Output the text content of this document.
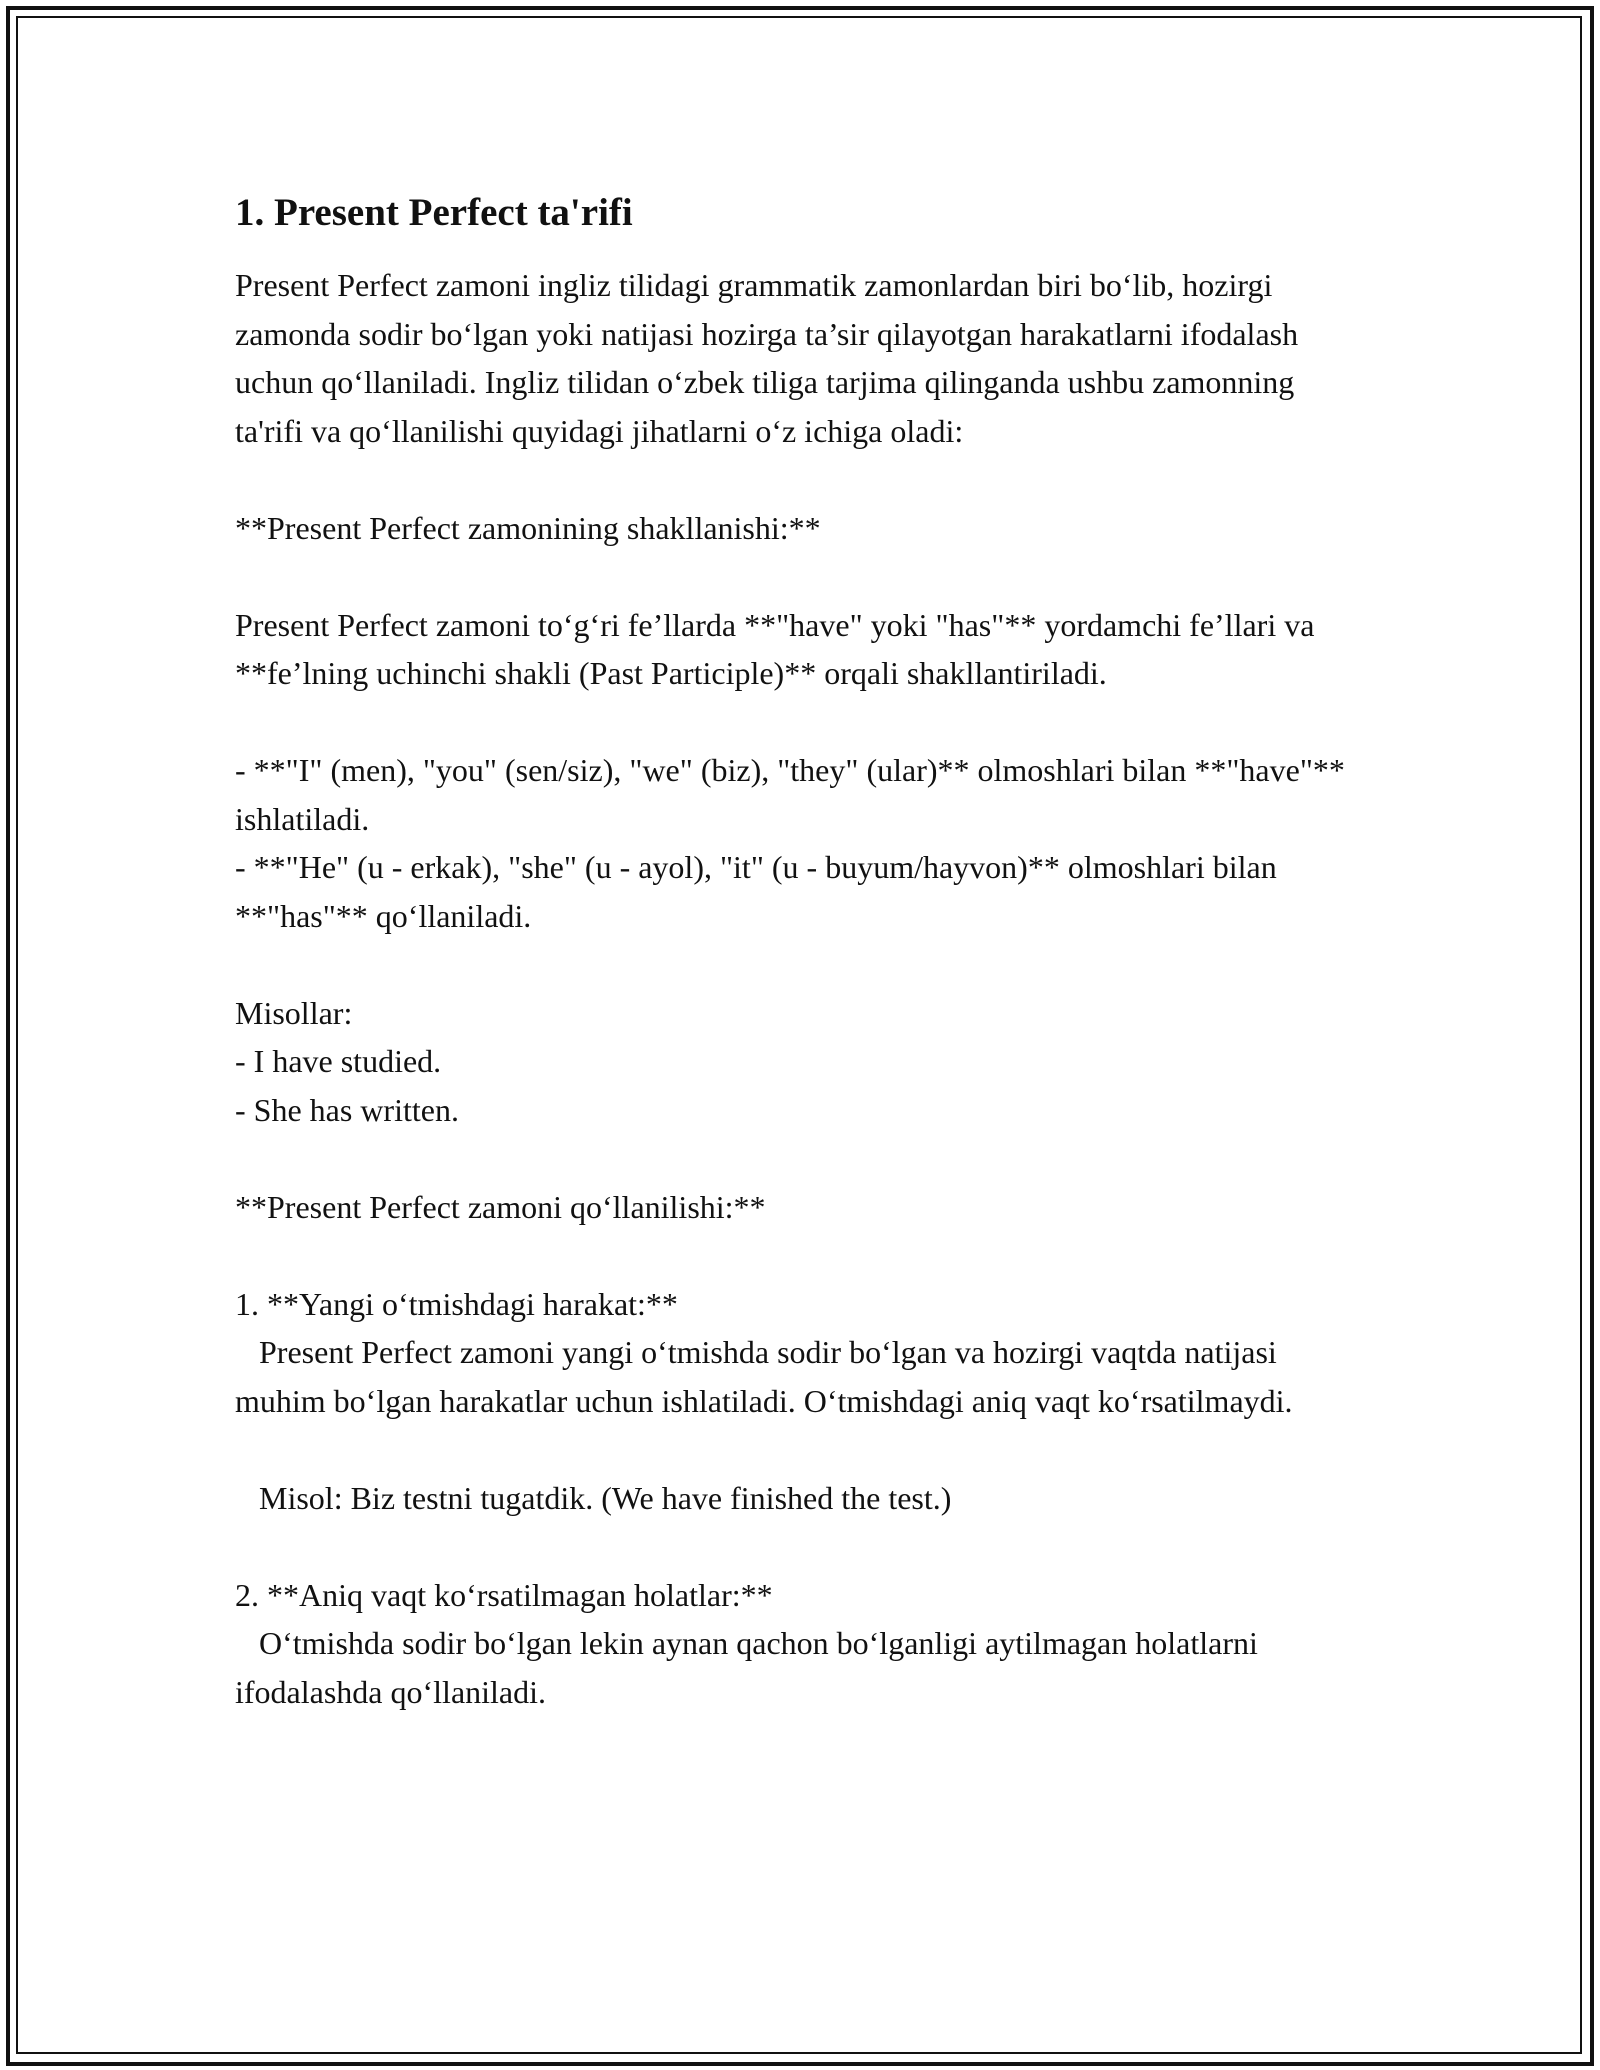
1. Present Perfect ta'rifi

Present Perfect zamoni ingliz tilidagi grammatik zamonlardan biri bo‘lib, hozirgi zamonda sodir bo‘lgan yoki natijasi hozirga ta’sir qilayotgan harakatlarni ifodalash uchun qo‘llaniladi. Ingliz tilidan o‘zbek tiliga tarjima qilinganda ushbu zamonning ta'rifi va qo‘llanilishi quyidagi jihatlarni o‘z ichiga oladi:

**Present Perfect zamonining shakllanishi:**

Present Perfect zamoni to‘g‘ri fe’llarda **"have" yoki "has"** yordamchi fe’llari va **fe’lning uchinchi shakli (Past Participle)** orqali shakllantiriladi.

- **"I" (men), "you" (sen/siz), "we" (biz), "they" (ular)** olmoshlari bilan **"have"** ishlatiladi.
- **"He" (u - erkak), "she" (u - ayol), "it" (u - buyum/hayvon)** olmoshlari bilan **"has"** qo‘llaniladi.

Misollar:
- I have studied.
- She has written.

**Present Perfect zamoni qo‘llanilishi:**

1. **Yangi o‘tmishdagi harakat:**
Present Perfect zamoni yangi o‘tmishda sodir bo‘lgan va hozirgi vaqtda natijasi muhim bo‘lgan harakatlar uchun ishlatiladi. O‘tmishdagi aniq vaqt ko‘rsatilmaydi.

Misol: Biz testni tugatdik. (We have finished the test.)

2. **Aniq vaqt ko‘rsatilmagan holatlar:**
O‘tmishda sodir bo‘lgan lekin aynan qachon bo‘lganligi aytilmagan holatlarni ifodalashda qo‘llaniladi.
